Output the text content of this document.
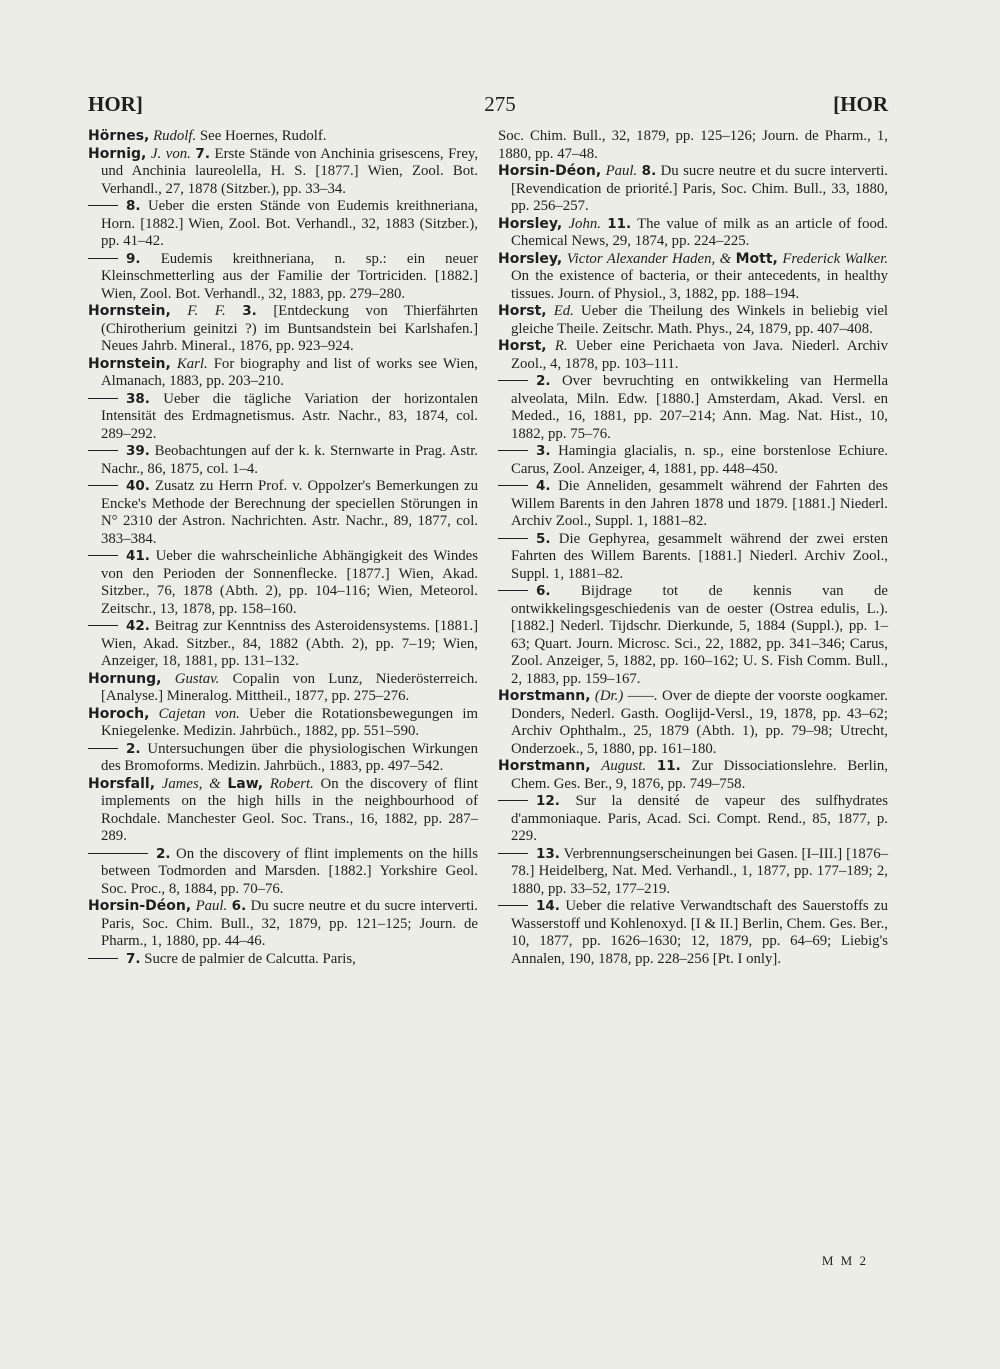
HOR]	275	[HOR

Hörnes, Rudolf. See Hoernes, Rudolf.

Hornig, J. von. 7. Erste Stände von Anchinia grisescens, Frey, und Anchinia laureolella, H. S. [1877.] Wien, Zool. Bot. Verhandl., 27, 1878 (Sitzber.), pp. 33–34.

8. Ueber die ersten Stände von Eudemis kreithneriana, Horn. [1882.] Wien, Zool. Bot. Verhandl., 32, 1883 (Sitzber.), pp. 41–42.

9. Eudemis kreithneriana, n. sp.: ein neuer Kleinschmetterling aus der Familie der Tortriciden. [1882.] Wien, Zool. Bot. Verhandl., 32, 1883, pp. 279–280.

Hornstein, F. F. 3. [Entdeckung von Thierfährten (Chirotherium geinitzi ?) im Buntsandstein bei Karlshafen.] Neues Jahrb. Mineral., 1876, pp. 923–924.

Hornstein, Karl. For biography and list of works see Wien, Almanach, 1883, pp. 203–210.

38. Ueber die tägliche Variation der horizontalen Intensität des Erdmagnetismus. Astr. Nachr., 83, 1874, col. 289–292.

39. Beobachtungen auf der k. k. Sternwarte in Prag. Astr. Nachr., 86, 1875, col. 1–4.

40. Zusatz zu Herrn Prof. v. Oppolzer's Bemerkungen zu Encke's Methode der Berechnung der speciellen Störungen in N° 2310 der Astron. Nachrichten. Astr. Nachr., 89, 1877, col. 383–384.

41. Ueber die wahrscheinliche Abhängigkeit des Windes von den Perioden der Sonnenflecke. [1877.] Wien, Akad. Sitzber., 76, 1878 (Abth. 2), pp. 104–116; Wien, Meteorol. Zeitschr., 13, 1878, pp. 158–160.

42. Beitrag zur Kenntniss des Asteroidensystems. [1881.] Wien, Akad. Sitzber., 84, 1882 (Abth. 2), pp. 7–19; Wien, Anzeiger, 18, 1881, pp. 131–132.

Hornung, Gustav. Copalin von Lunz, Niederösterreich. [Analyse.] Mineralog. Mittheil., 1877, pp. 275–276.

Horoch, Cajetan von. Ueber die Rotationsbewegungen im Kniegelenke. Medizin. Jahrbüch., 1882, pp. 551–590.

2. Untersuchungen über die physiologischen Wirkungen des Bromoforms. Medizin. Jahrbüch., 1883, pp. 497–542.

Horsfall, James, & Law, Robert. On the discovery of flint implements on the high hills in the neighbourhood of Rochdale. Manchester Geol. Soc. Trans., 16, 1882, pp. 287–289.

2. On the discovery of flint implements on the hills between Todmorden and Marsden. [1882.] Yorkshire Geol. Soc. Proc., 8, 1884, pp. 70–76.

Horsin-Déon, Paul. 6. Du sucre neutre et du sucre interverti. Paris, Soc. Chim. Bull., 32, 1879, pp. 121–125; Journ. de Pharm., 1, 1880, pp. 44–46.

7. Sucre de palmier de Calcutta. Paris,

Soc. Chim. Bull., 32, 1879, pp. 125–126; Journ. de Pharm., 1, 1880, pp. 47–48.

Horsin-Déon, Paul. 8. Du sucre neutre et du sucre interverti. [Revendication de priorité.] Paris, Soc. Chim. Bull., 33, 1880, pp. 256–257.

Horsley, John. 11. The value of milk as an article of food. Chemical News, 29, 1874, pp. 224–225.

Horsley, Victor Alexander Haden, & Mott, Frederick Walker. On the existence of bacteria, or their antecedents, in healthy tissues. Journ. of Physiol., 3, 1882, pp. 188–194.

Horst, Ed. Ueber die Theilung des Winkels in beliebig viel gleiche Theile. Zeitschr. Math. Phys., 24, 1879, pp. 407–408.

Horst, R. Ueber eine Perichaeta von Java. Niederl. Archiv Zool., 4, 1878, pp. 103–111.

2. Over bevruchting en ontwikkeling van Hermella alveolata, Miln. Edw. [1880.] Amsterdam, Akad. Versl. en Meded., 16, 1881, pp. 207–214; Ann. Mag. Nat. Hist., 10, 1882, pp. 75–76.

3. Hamingia glacialis, n. sp., eine borstenlose Echiure. Carus, Zool. Anzeiger, 4, 1881, pp. 448–450.

4. Die Anneliden, gesammelt während der Fahrten des Willem Barents in den Jahren 1878 und 1879. [1881.] Niederl. Archiv Zool., Suppl. 1, 1881–82.

5. Die Gephyrea, gesammelt während der zwei ersten Fahrten des Willem Barents. [1881.] Niederl. Archiv Zool., Suppl. 1, 1881–82.

6. Bijdrage tot de kennis van de ontwikkelingsgeschiedenis van de oester (Ostrea edulis, L.). [1882.] Nederl. Tijdschr. Dierkunde, 5, 1884 (Suppl.), pp. 1–63; Quart. Journ. Microsc. Sci., 22, 1882, pp. 341–346; Carus, Zool. Anzeiger, 5, 1882, pp. 160–162; U. S. Fish Comm. Bull., 2, 1883, pp. 159–167.

Horstmann, (Dr.) ——. Over de diepte der voorste oogkamer. Donders, Nederl. Gasth. Ooglijd-Versl., 19, 1878, pp. 43–62; Archiv Ophthalm., 25, 1879 (Abth. 1), pp. 79–98; Utrecht, Onderzoek., 5, 1880, pp. 161–180.

Horstmann, August. 11. Zur Dissociationslehre. Berlin, Chem. Ges. Ber., 9, 1876, pp. 749–758.

12. Sur la densité de vapeur des sulfhydrates d'ammoniaque. Paris, Acad. Sci. Compt. Rend., 85, 1877, p. 229.

13. Verbrennungserscheinungen bei Gasen. [I–III.] [1876–78.] Heidelberg, Nat. Med. Verhandl., 1, 1877, pp. 177–189; 2, 1880, pp. 33–52, 177–219.

14. Ueber die relative Verwandtschaft des Sauerstoffs zu Wasserstoff und Kohlenoxyd. [I & II.] Berlin, Chem. Ges. Ber., 10, 1877, pp. 1626–1630; 12, 1879, pp. 64–69; Liebig's Annalen, 190, 1878, pp. 228–256 [Pt. I only].

M M 2
